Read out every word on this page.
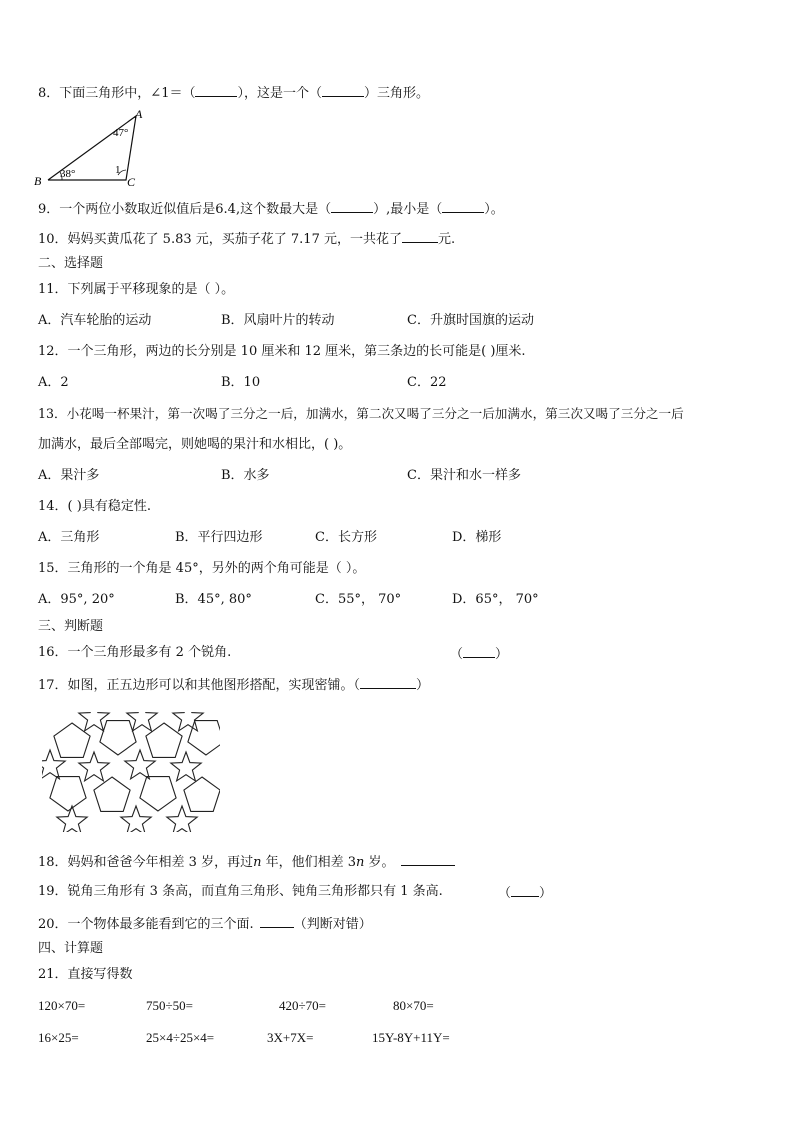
8．下面三角形中，∠1＝（	），这是一个（	）三角形。
B
A
C
47°
38°	1
9．一个两位小数取近似值后是6.4,这个数最大是（	）,最小是（	）。
10．妈妈买黄瓜花了 5.83 元，买茄子花了 7.17 元，一共花了	元.
二、选择题
11．下列属于平移现象的是（ ）。
A．汽车轮胎的运动	B．风扇叶片的转动	C．升旗时国旗的运动
12．一个三角形，两边的长分别是 10 厘米和 12 厘米，第三条边的长可能是( )厘米.
A．2	B．10	C．22
13．小花喝一杯果汁，第一次喝了三分之一后，加满水，第二次又喝了三分之一后加满水，第三次又喝了三分之一后
加满水，最后全部喝完，则她喝的果汁和水相比，( )。
A．果汁多	B．水多	C．果汁和水一样多
14．( )具有稳定性.
A．三角形	B．平行四边形	C．长方形	D．梯形
15．三角形的一个角是 45°，另外的两个角可能是（ ）。
A．95°, 20°	B．45°, 80°	C．55°， 70°	D．65°， 70°
三、判断题
16．一个三角形最多有 2 个锐角.	（ ）
17．如图，正五边形可以和其他图形搭配，实现密铺。（	）
18．妈妈和爸爸今年相差 3 岁，再过n 年，他们相差 3n 岁。
19．锐角三角形有 3 条高，而直角三角形、钝角三角形都只有 1 条高.	（ ）
20．一个物体最多能看到它的三个面.	（判断对错）
四、计算题
21．直接写得数
120×70=	750÷50=	420÷70=	80×70=
16×25=	25×4÷25×4=	3X+7X=	15Y-8Y+11Y=
